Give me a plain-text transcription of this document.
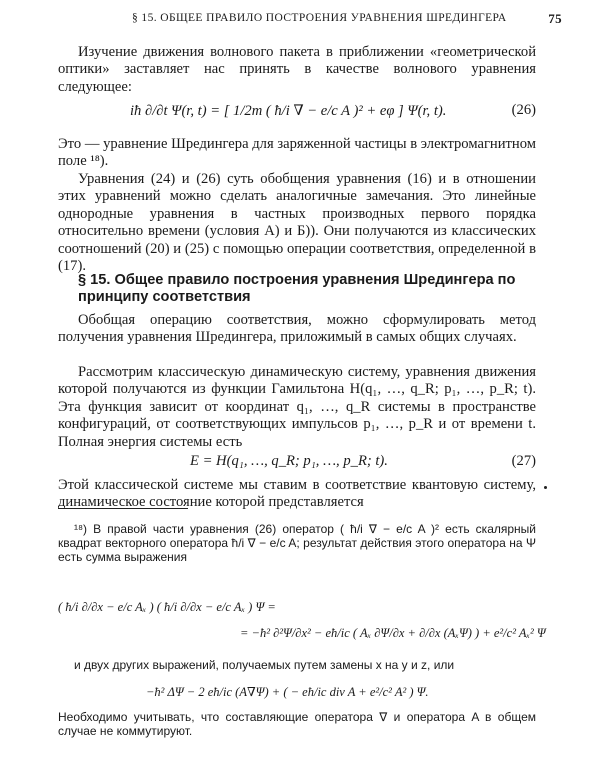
§ 15. ОБЩЕЕ ПРАВИЛО ПОСТРОЕНИЯ УРАВНЕНИЯ ШРЕДИНГЕРА	75
Изучение движения волнового пакета в приближении «геометрической оптики» заставляет нас принять в качестве волнового уравнения следующее:
iħ ∂/∂t Ψ(r, t) = [ 1/2m ( ħ/i ∇ − e/c A )² + eφ ] Ψ(r, t).	(26)
Это — уравнение Шредингера для заряженной частицы в электромагнитном поле ¹⁸).
Уравнения (24) и (26) суть обобщения уравнения (16) и в отношении этих уравнений можно сделать аналогичные замечания. Это линейные однородные уравнения в частных производных первого порядка относительно времени (условия А) и Б)). Они получаются из классических соотношений (20) и (25) с помощью операции соответствия, определенной в (17).
§ 15. Общее правило построения уравнения Шредингера по принципу соответствия
Обобщая операцию соответствия, можно сформулировать метод получения уравнения Шредингера, приложимый в самых общих случаях.
Рассмотрим классическую динамическую систему, уравнения движения которой получаются из функции Гамильтона H(q₁, …, q_R; p₁, …, p_R; t). Эта функция зависит от координат q₁, …, q_R системы в пространстве конфигураций, от соответствующих импульсов p₁, …, p_R и от времени t. Полная энергия системы есть
E = H(q₁, …, q_R; p₁, …, p_R; t).	(27)
Этой классической системе мы ставим в соответствие квантовую систему, динамическое состояние которой представляется
¹⁸) В правой части уравнения (26) оператор ( ħ/i ∇ − e/c A )² есть скалярный квадрат векторного оператора ħ/i ∇ − e/c A; результат действия этого оператора на Ψ есть сумма выражения
( ħ/i ∂/∂x − e/c Aₓ ) ( ħ/i ∂/∂x − e/c Aₓ ) Ψ =
= −ħ² ∂²Ψ/∂x² − eħ/ic ( Aₓ ∂Ψ/∂x + ∂/∂x (AₓΨ) ) + e²/c² Aₓ² Ψ
и двух других выражений, получаемых путем замены x на y и z, или
−ħ² ΔΨ − 2 eħ/ic (A∇Ψ) + ( − eħ/ic div A + e²/c² A² ) Ψ.
Необходимо учитывать, что составляющие оператора ∇ и оператора A в общем случае не коммутируют.
